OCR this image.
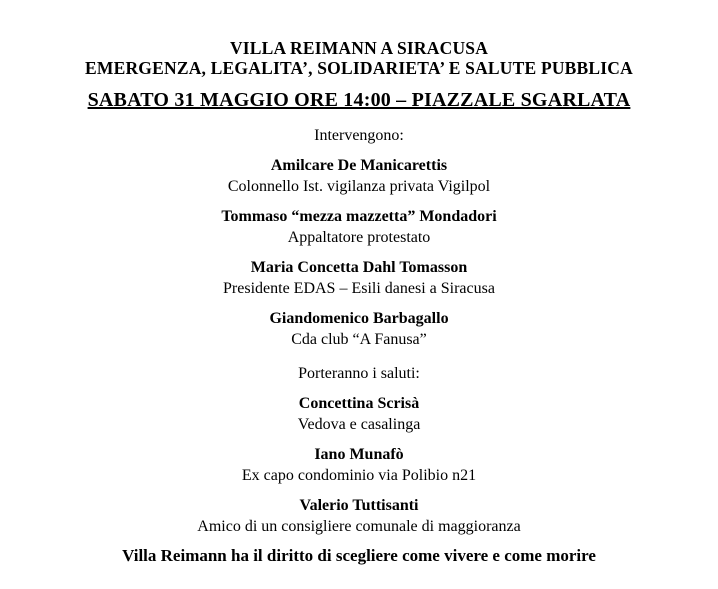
VILLA REIMANN A SIRACUSA
EMERGENZA, LEGALITA’, SOLIDARIETA’ E SALUTE PUBBLICA
SABATO 31 MAGGIO ORE 14:00 – PIAZZALE SGARLATA
Intervengono:
Amilcare De Manicarettis
Colonnello Ist. vigilanza privata Vigilpol
Tommaso “mezza mazzetta” Mondadori
Appaltatore protestato
Maria Concetta Dahl Tomasson
Presidente EDAS – Esili danesi a Siracusa
Giandomenico Barbagallo
Cda club “A Fanusa”
Porteranno i saluti:
Concettina Scrisà
Vedova e casalinga
Iano Munafò
Ex capo condominio via Polibio n21
Valerio Tuttisanti
Amico di un consigliere comunale di maggioranza
Villa Reimann ha il diritto di scegliere come vivere e come morire
